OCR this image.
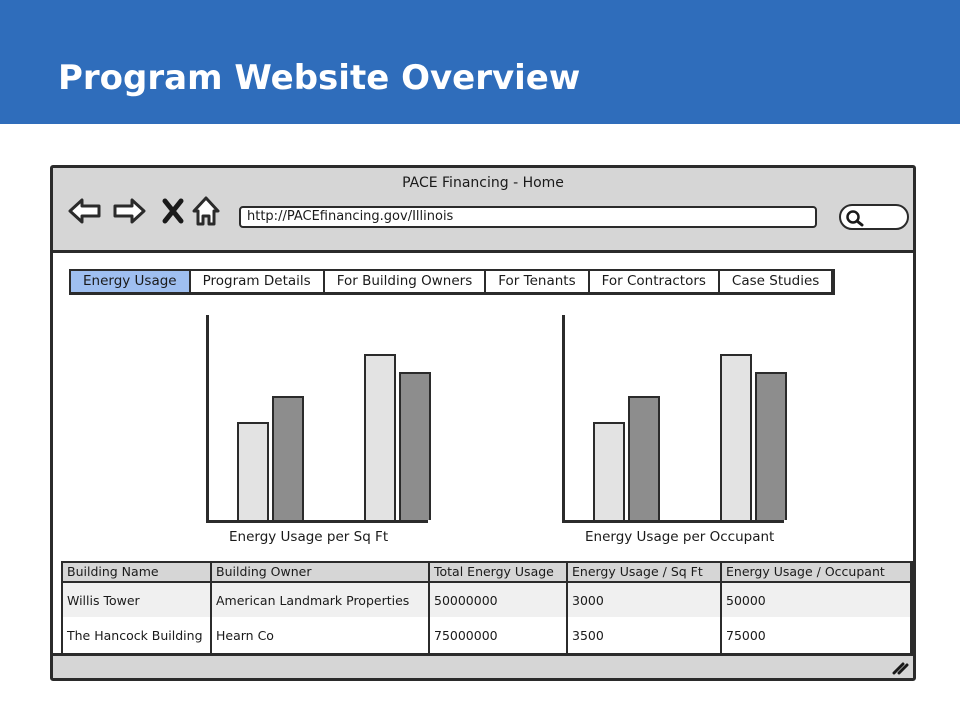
Program Website Overview
PACE Financing - Home
http://PACEfinancing.gov/Illinois
Energy Usage	Program Details	For Building Owners	For Tenants	For Contractors	Case Studies
Energy Usage per Sq Ft	Energy Usage per Occupant
Building Name	Building Owner	Total Energy Usage	Energy Usage / Sq Ft	Energy Usage / Occupant
Willis Tower	American Landmark Properties	50000000	3000	50000
The Hancock Building	Hearn Co	75000000	3500	75000
